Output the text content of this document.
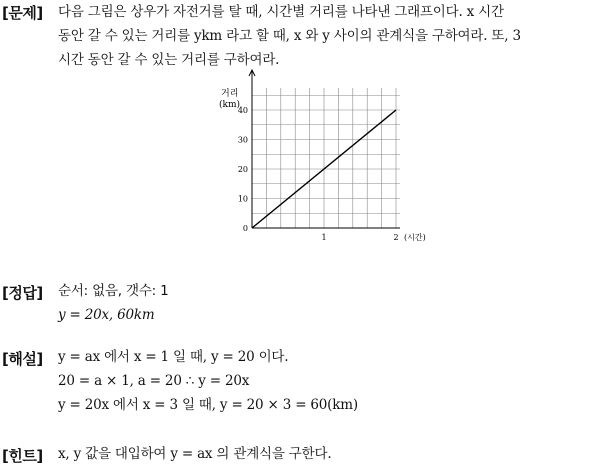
[문제] 다음 그림은 상우가 자전거를 탈 때, 시간별 거리를 나타낸 그래프이다. x 시간
동안 갈 수 있는 거리를 ykm 라고 할 때, x 와 y 사이의 관계식을 구하여라. 또, 3
시간 동안 갈 수 있는 거리를 구하여라.
0
10
20
30
40
1	2 (시간)
거리
(km)
[정답] 순서: 없음, 갯수: 1
y = 20x, 60km
[해설] y = ax 에서 x = 1 일 때, y = 20 이다.
20 = a × 1, a = 20 ∴ y = 20x
y = 20x 에서 x = 3 일 때, y = 20 × 3 = 60(km)
[힌트] x, y 값을 대입하여 y = ax 의 관계식을 구한다.
